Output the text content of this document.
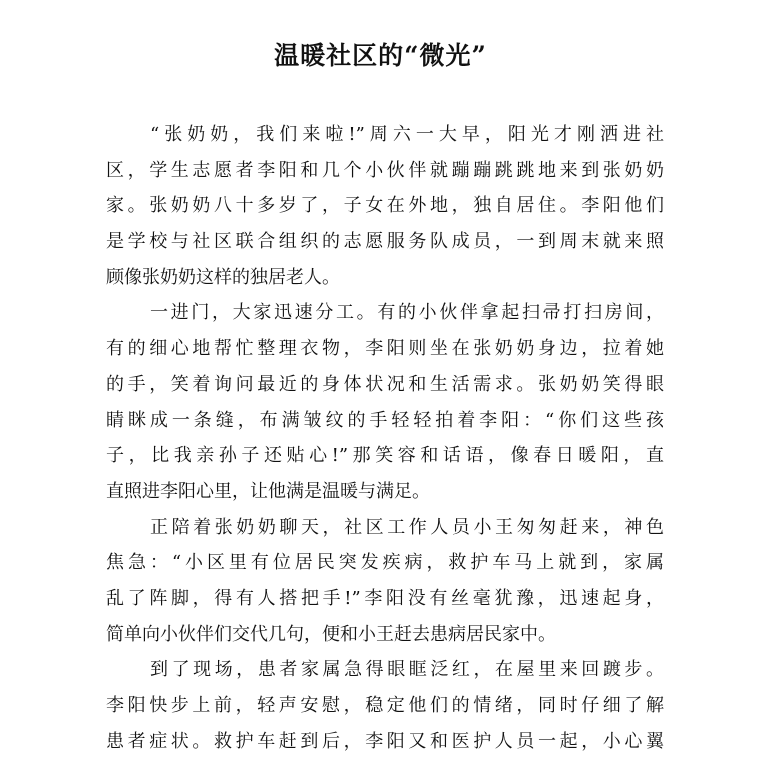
温暖社区的“微光”
“张奶奶，我们来啦!”周六一大早，阳光才刚洒进社
区，学生志愿者李阳和几个小伙伴就蹦蹦跳跳地来到张奶奶
家。张奶奶八十多岁了，子女在外地，独自居住。李阳他们
是学校与社区联合组织的志愿服务队成员，一到周末就来照
顾像张奶奶这样的独居老人。
一进门，大家迅速分工。有的小伙伴拿起扫帚打扫房间，
有的细心地帮忙整理衣物，李阳则坐在张奶奶身边，拉着她
的手，笑着询问最近的身体状况和生活需求。张奶奶笑得眼
睛眯成一条缝，布满皱纹的手轻轻拍着李阳：“你们这些孩
子，比我亲孙子还贴心!”那笑容和话语，像春日暖阳，直
直照进李阳心里，让他满是温暖与满足。
正陪着张奶奶聊天，社区工作人员小王匆匆赶来，神色
焦急：“小区里有位居民突发疾病，救护车马上就到，家属
乱了阵脚，得有人搭把手!”李阳没有丝毫犹豫，迅速起身，
简单向小伙伴们交代几句，便和小王赶去患病居民家中。
到了现场，患者家属急得眼眶泛红，在屋里来回踱步。
李阳快步上前，轻声安慰，稳定他们的情绪，同时仔细了解
患者症状。救护车赶到后，李阳又和医护人员一起，小心翼
